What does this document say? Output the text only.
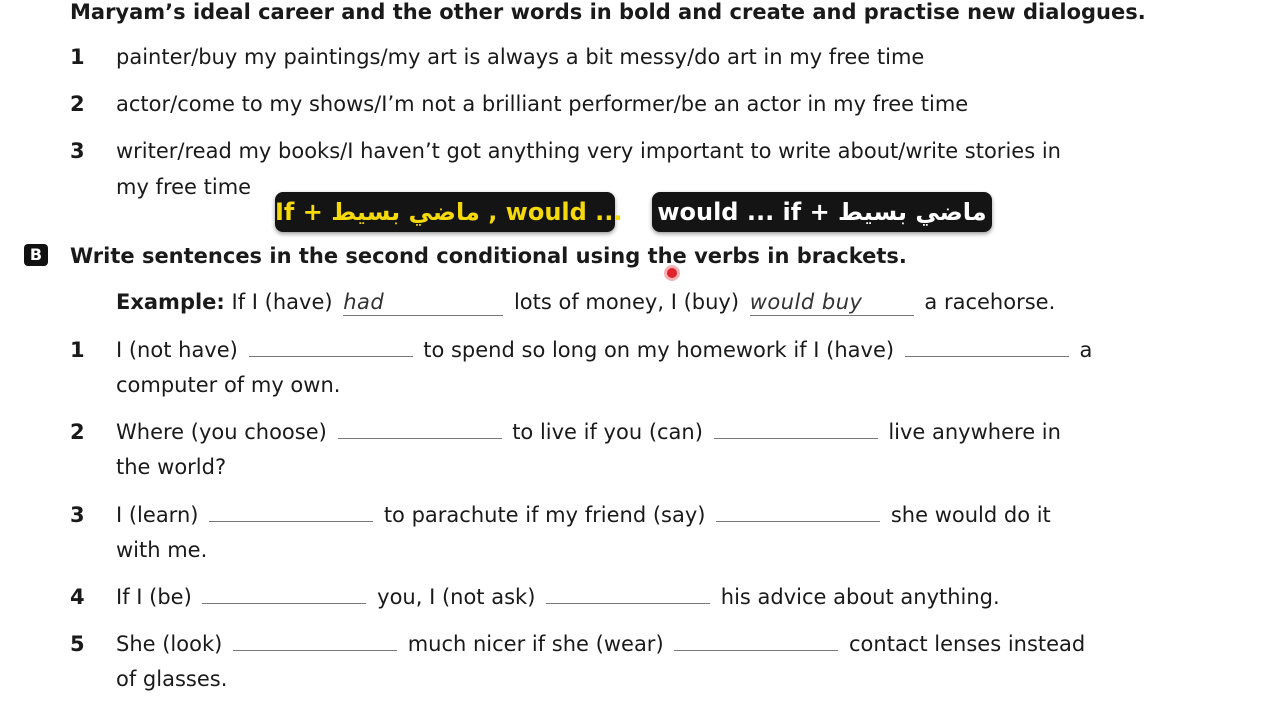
Maryam’s ideal career and the other words in bold and create and practise new dialogues.
1 painter/buy my paintings/my art is always a bit messy/do art in my free time
2 actor/come to my shows/I’m not a brilliant performer/be an actor in my free time
3 writer/read my books/I haven’t got anything very important to write about/write stories in
my free time
If + ماضي بسيط , would ... would ... if + ماضي بسيط
B Write sentences in the second conditional using the verbs in brackets.
Example: If I (have) had	lots of money, I (buy) would buy	a racehorse.
1 I (not have)	to spend so long on my homework if I (have)	a
computer of my own.
2 Where (you choose)	to live if you (can)	live anywhere in
the world?
3 I (learn)	to parachute if my friend (say)	she would do it
with me.
4 If I (be)	you, I (not ask)	his advice about anything.
5 She (look)	much nicer if she (wear)	contact lenses instead
of glasses.
